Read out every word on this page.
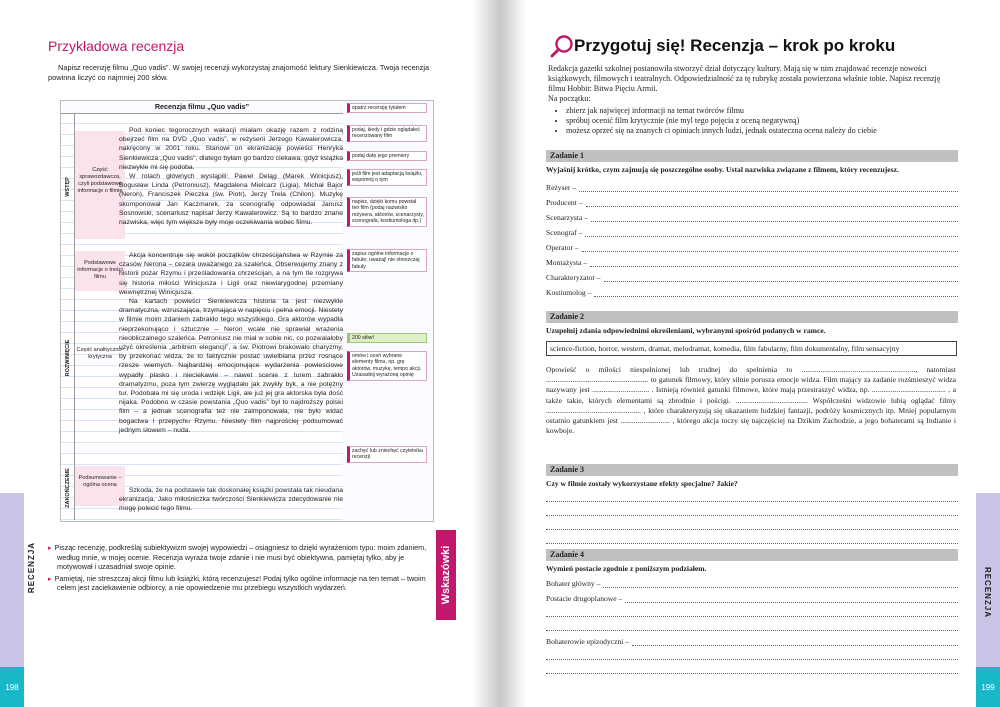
Przykładowa recenzja
Napisz recenzję filmu „Quo vadis”. W swojej recenzji wykorzystaj znajomość lektury Sienkiewicza. Twoja recenzja powinna liczyć co najmniej 200 słów.
Recenzja filmu „Quo vadis”
WSTĘP
ROZWINIĘCIE
ZAKOŃCZENIE
Część sprawozdawcza, czyli podstawowe informacje o filmie
Podstawowe informacje o treści filmu
Część analityczno-krytyczna
Podsumowanie – ogólna ocena

Pod koniec tegorocznych wakacji miałam okazję razem z rodziną obejrzeć film na DVD „Quo vadis”, w reżyserii Jerzego Kawalerowicza, nakręcony w 2001 roku. Stanowi on ekranizację powieści Henryka Sienkiewicza „Quo vadis”, dlatego byłam go bardzo ciekawa, gdyż książka niezwykle mi się podoba.

W rolach głównych wystąpili: Paweł Deląg (Marek Winicjusz), Bogusław Linda (Petroniusz), Magdalena Mielcarz (Ligia), Michał Bajor (Neron), Franciszek Pieczka (św. Piotr), Jerzy Trela (Chilon). Muzykę skomponował Jan Kaczmarek, za scenografię odpowiadał Janusz Sosnowski, scenariusz napisał Jerzy Kawalerowicz. Są to bardzo znane nazwiska, więc tym większe były moje oczekiwania wobec filmu.

Akcja koncentruje się wokół początków chrześcijaństwa w Rzymie za czasów Nerona – cezara uważanego za szaleńca. Obserwujemy znany z historii pożar Rzymu i prześladowania chrześcijan, a na tym tle rozgrywa się historia miłości Winicjusza i Ligii oraz niewiarygodnej przemiany wewnętrznej Winicjusza.

Na kartach powieści Sienkiewicza historia ta jest niezwykle dramatyczna, wzruszająca, trzymająca w napięciu i pełna emocji. Niestety w filmie moim zdaniem zabrakło tego wszystkiego. Gra aktorów wypadła nieprzekonująco i sztucznie – Neron wcale nie sprawiał wrażenia nieobliczalnego szaleńca. Petroniusz nie miał w sobie nic, co pozwalałoby użyć określenia „arbitrem elegancji”, a św. Piotrowi brakowało charyzmy, by przekonać widza, że to faktycznie postać uwielbiana przez rosnące rzesze wiernych. Najbardziej emocjonujące wydarzenia powieściowe wypadły płasko i nieciekawie – nawet scenie z turem zabrakło dramatyzmu, poza tym zwierzę wyglądało jak zwykły byk, a nie potężny tur. Podobała mi się uroda i wdzięk Ligii, ale już jej gra aktorska była dość nijaka. Podobno w czasie powstania „Quo vadis” był to najdroższy polski film – a jednak scenografia też nie zaimponowała, nie było widać bogactwa i przepychu Rzymu. Niestety film najprościej podsumować jednym słowem – nuda.

Szkoda, że na podstawie tak doskonałej książki powstała tak nieudana ekranizacja. Jako miłośniczka twórczości Sienkiewicza zdecydowanie nie mogę polecić tego filmu.

opatrz recenzję tytułem
podaj, kiedy i gdzie oglądałeś recenzowany film
podaj datę jego premiery
jeśli film jest adaptacją książki, wspomnij o tym
napisz, dzięki komu powstał ten film (podaj nazwisko reżysera, aktorów, scenarzysty, scenografa, kostiumologa itp.)
zapisz ogólne informacje o fabule; uważaj! nie streszczaj fabuły
200 słów!
omów i oceń wybrane elementy filmu, np. grę aktorów, muzykę, tempo akcji. Uzasadnij wyrażoną opinię
zachęć lub zniechęć czytelnika recenzji
▸ Pisząc recenzję, podkreślaj subiektywizm swojej wypowiedzi – osiągniesz to dzięki wyrażeniom typu: moim zdaniem, według mnie, w mojej ocenie. Recenzja wyraża twoje zdanie i nie musi być obiektywna, pamiętaj tylko, aby je motywował i uzasadniał swoje opinie.
▸ Pamiętaj, nie streszczaj akcji filmu lub książki, którą recenzujesz! Podaj tylko ogólne informacje na ten temat – twoim celem jest zaciekawienie odbiorcy, a nie opowiedzenie mu przebiegu wszystkich wydarzeń.	Wskazówki
RECENZJA
198
Przygotuj się! Recenzja – krok po kroku
Redakcja gazetki szkolnej postanowiła stworzyć dział dotyczący kultury. Mają się w nim znajdować recenzje nowości książkowych, filmowych i teatralnych. Odpowiedzialność za tę rubrykę została powierzona właśnie tobie. Napisz recenzję filmu Hobbit: Bitwa Pięciu Armii.
Na początku:
• zbierz jak najwięcej informacji na temat twórców filmu
• spróbuj ocenić film krytycznie (nie myl tego pojęcia z oceną negatywną)
• możesz oprzeć się na znanych ci opiniach innych ludzi, jednak ostateczna ocena należy do ciebie
Zadanie 1
Wyjaśnij krótko, czym zajmują się poszczególne osoby. Ustal nazwiska związane z filmem, który recenzujesz.
Reżyser –
Producent –
Scenarzysta –
Scenograf –
Operator –
Montażysta –
Charakteryzator –
Kostiumolog –
Zadanie 2
Uzupełnij zdania odpowiednimi określeniami, wybranymi spośród podanych w ramce.
science-fiction, horror, western, dramat, melodramat, komedia, film fabularny, film dokumentalny, film sensacyjny
Opowieść o miłości niespełnionej lub trudnej do spełnienia to ............................................................, natomiast ...................................................... to gatunek filmowy, który silnie porusza emocje widza. Film mający za zadanie rozśmieszyć widza nazywany jest .............................. . Istnieją również gatunki filmowe, które mają przestraszyć widza, np. ....................................... , a także takie, których elementami są zbrodnie i pościgi. ...................................... Współcześni widzowie lubią oglądać filmy .................................................. , które charakteryzują się ukazaniem ludzkiej fantazji, podróży kosmicznych itp. Mniej popularnym ostatnio gatunkiem jest .......................... , którego akcja toczy się najczęściej na Dzikim Zachodzie, a jego bohaterami są Indianie i kowboje.
Zadanie 3
Czy w filmie zostały wykorzystane efekty specjalne? Jakie?
Zadanie 4
Wymień postacie zgodnie z poniższym podziałem.
Bohater główny –
Postacie drugoplanowe –
Bohaterowie epizodyczni –
RECENZJA
199
